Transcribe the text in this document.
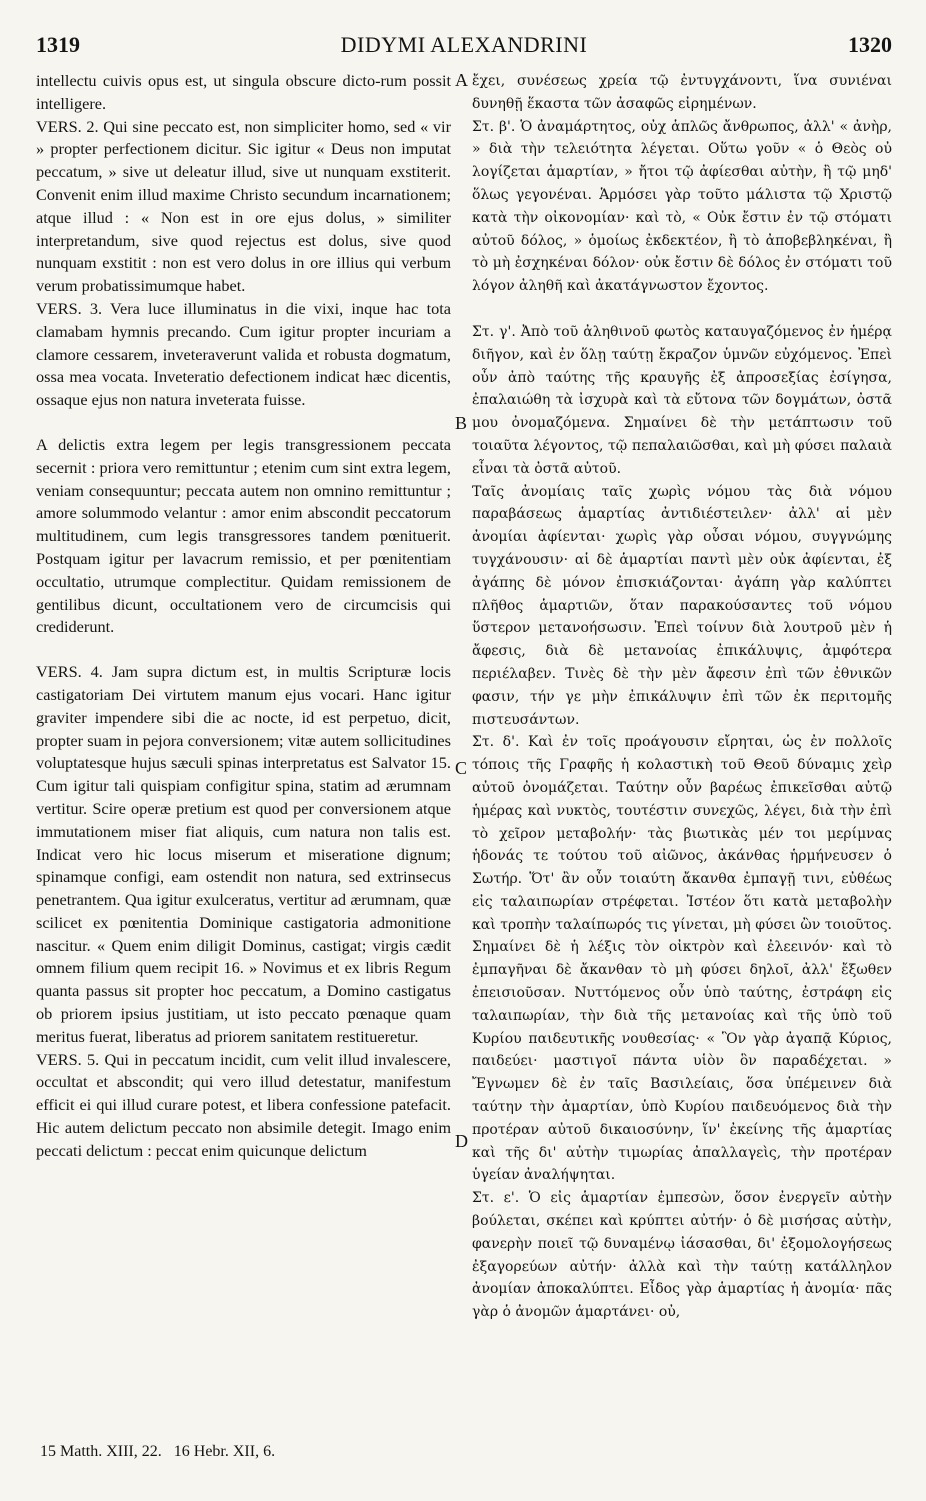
1319	DIDYMI ALEXANDRINI	1320

intellectu cuivis opus est, ut singula obscure dicto-rum possit intelligere.

VERS. 2. Qui sine peccato est, non simpliciter homo, sed « vir » propter perfectionem dicitur. Sic igitur « Deus non imputat peccatum, » sive ut deleatur illud, sive ut nunquam exstiterit. Convenit enim illud maxime Christo secundum incarnationem; atque illud : « Non est in ore ejus dolus, » similiter interpretandum, sive quod rejectus est dolus, sive quod nunquam exstitit : non est vero dolus in ore illius qui verbum verum probatissimumque habet.

VERS. 3. Vera luce illuminatus in die vixi, inque hac tota clamabam hymnis precando. Cum igitur propter incuriam a clamore cessarem, inveteraverunt valida et robusta dogmatum, ossa mea vocata. Inveteratio defectionem indicat hæc dicentis, ossaque ejus non natura inveterata fuisse.

A delictis extra legem per legis transgressionem peccata secernit : priora vero remittuntur ; etenim cum sint extra legem, veniam consequuntur; peccata autem non omnino remittuntur ; amore solummodo velantur : amor enim abscondit peccatorum multitudinem, cum legis transgressores tandem pœnituerit. Postquam igitur per lavacrum remissio, et per pœnitentiam occultatio, utrumque complectitur. Quidam remissionem de gentilibus dicunt, occultationem vero de circumcisis qui crediderunt.

VERS. 4. Jam supra dictum est, in multis Scripturæ locis castigatoriam Dei virtutem manum ejus vocari. Hanc igitur graviter impendere sibi die ac nocte, id est perpetuo, dicit, propter suam in pejora conversionem; vitæ autem sollicitudines voluptatesque hujus sæculi spinas interpretatus est Salvator 15. Cum igitur tali quispiam configitur spina, statim ad ærumnam vertitur. Scire operæ pretium est quod per conversionem atque immutationem miser fiat aliquis, cum natura non talis est. Indicat vero hic locus miserum et miseratione dignum; spinamque configi, eam ostendit non natura, sed extrinsecus penetrantem. Qua igitur exulceratus, vertitur ad ærumnam, quæ scilicet ex pœnitentia Dominique castigatoria admonitione nascitur. « Quem enim diligit Dominus, castigat; virgis cædit omnem filium quem recipit 16. » Novimus et ex libris Regum quanta passus sit propter hoc peccatum, a Domino castigatus ob priorem ipsius justitiam, ut isto peccato pœnaque quam meritus fuerat, liberatus ad priorem sanitatem restitueretur.

VERS. 5. Qui in peccatum incidit, cum velit illud invalescere, occultat et abscondit; qui vero illud detestatur, manifestum efficit ei qui illud curare potest, et libera confessione patefacit. Hic autem delictum peccato non absimile detegit. Imago enim peccati delictum : peccat enim quicunque delictum

ἔχει, συνέσεως χρεία τῷ ἐντυγχάνοντι, ἵνα συνιέναι δυνηθῇ ἕκαστα τῶν ἀσαφῶς εἰρημένων.

Στ. β'. Ὁ ἀναμάρτητος, οὐχ ἁπλῶς ἄνθρωπος, ἀλλ' « ἀνὴρ, » διὰ τὴν τελειότητα λέγεται. Οὕτω γοῦν « ὁ Θεὸς οὐ λογίζεται ἁμαρτίαν, » ἤτοι τῷ ἀφίεσθαι αὐτὴν, ἢ τῷ μηδ' ὅλως γεγονέναι. Ἁρμόσει γὰρ τοῦτο μάλιστα τῷ Χριστῷ κατὰ τὴν οἰκονομίαν· καὶ τὸ, « Οὐκ ἔστιν ἐν τῷ στόματι αὐτοῦ δόλος, » ὁμοίως ἐκδεκτέον, ἢ τὸ ἀποβεβληκέναι, ἢ τὸ μὴ ἐσχηκέναι δόλον· οὐκ ἔστιν δὲ δόλος ἐν στόματι τοῦ λόγον ἀληθῆ καὶ ἀκατάγνωστον ἔχοντος.

Στ. γ'. Ἀπὸ τοῦ ἀληθινοῦ φωτὸς καταυγαζόμενος ἐν ἡμέρᾳ διῆγον, καὶ ἐν ὅλῃ ταύτῃ ἔκραζον ὑμνῶν εὐχόμενος. Ἐπεὶ οὖν ἀπὸ ταύτης τῆς κραυγῆς ἐξ ἀπροσεξίας ἐσίγησα, ἐπαλαιώθη τὰ ἰσχυρὰ καὶ τὰ εὔτονα τῶν δογμάτων, ὀστᾶ μου ὀνομαζόμενα. Σημαίνει δὲ τὴν μετάπτωσιν τοῦ τοιαῦτα λέγοντος, τῷ πεπαλαιῶσθαι, καὶ μὴ φύσει παλαιὰ εἶναι τὰ ὀστᾶ αὐτοῦ.

Ταῖς ἀνομίαις ταῖς χωρὶς νόμου τὰς διὰ νόμου παραβάσεως ἁμαρτίας ἀντιδιέστειλεν· ἀλλ' αἱ μὲν ἀνομίαι ἀφίενται· χωρὶς γὰρ οὖσαι νόμου, συγγνώμης τυγχάνουσιν· αἱ δὲ ἁμαρτίαι παντὶ μὲν οὐκ ἀφίενται, ἐξ ἀγάπης δὲ μόνον ἐπισκιάζονται· ἀγάπη γὰρ καλύπτει πλῆθος ἁμαρτιῶν, ὅταν παρακούσαντες τοῦ νόμου ὕστερον μετανοήσωσιν. Ἐπεὶ τοίνυν διὰ λουτροῦ μὲν ἡ ἄφεσις, διὰ δὲ μετανοίας ἐπικάλυψις, ἀμφότερα περιέλαβεν. Τινὲς δὲ τὴν μὲν ἄφεσιν ἐπὶ τῶν ἐθνικῶν φασιν, τήν γε μὴν ἐπικάλυψιν ἐπὶ τῶν ἐκ περιτομῆς πιστευσάντων.

Στ. δ'. Καὶ ἐν τοῖς προάγουσιν εἴρηται, ὡς ἐν πολλοῖς τόποις τῆς Γραφῆς ἡ κολαστικὴ τοῦ Θεοῦ δύναμις χεὶρ αὐτοῦ ὀνομάζεται. Ταύτην οὖν βαρέως ἐπικεῖσθαι αὐτῷ ἡμέρας καὶ νυκτὸς, τουτέστιν συνεχῶς, λέγει, διὰ τὴν ἐπὶ τὸ χεῖρον μεταβολήν· τὰς βιωτικὰς μέν τοι μερίμνας ἡδονάς τε τούτου τοῦ αἰῶνος, ἀκάνθας ἡρμήνευσεν ὁ Σωτήρ. Ὅτ' ἂν οὖν τοιαύτη ἄκανθα ἐμπαγῇ τινι, εὐθέως εἰς ταλαιπωρίαν στρέφεται. Ἰστέον ὅτι κατὰ μεταβολὴν καὶ τροπὴν ταλαίπωρός τις γίνεται, μὴ φύσει ὢν τοιοῦτος. Σημαίνει δὲ ἡ λέξις τὸν οἰκτρὸν καὶ ἐλεεινόν· καὶ τὸ ἐμπαγῆναι δὲ ἄκανθαν τὸ μὴ φύσει δηλοῖ, ἀλλ' ἔξωθεν ἐπεισιοῦσαν. Νυττόμενος οὖν ὑπὸ ταύτης, ἐστράφη εἰς ταλαιπωρίαν, τὴν διὰ τῆς μετανοίας καὶ τῆς ὑπὸ τοῦ Κυρίου παιδευτικῆς νουθεσίας· « Ὃν γὰρ ἀγαπᾷ Κύριος, παιδεύει· μαστιγοῖ πάντα υἱὸν ὃν παραδέχεται. » Ἔγνωμεν δὲ ἐν ταῖς Βασιλείαις, ὅσα ὑπέμεινεν διὰ ταύτην τὴν ἁμαρτίαν, ὑπὸ Κυρίου παιδευόμενος διὰ τὴν προτέραν αὐτοῦ δικαιοσύνην, ἵν' ἐκείνης τῆς ἁμαρτίας καὶ τῆς δι' αὐτὴν τιμωρίας ἀπαλλαγεὶς, τὴν προτέραν ὑγείαν ἀναλήψηται.

Στ. ε'. Ὁ εἰς ἁμαρτίαν ἐμπεσὼν, ὅσον ἐνεργεῖν αὐτὴν βούλεται, σκέπει καὶ κρύπτει αὐτήν· ὁ δὲ μισήσας αὐτὴν, φανερὴν ποιεῖ τῷ δυναμένῳ ἰάσασθαι, δι' ἐξομολογήσεως ἐξαγορεύων αὐτήν· ἀλλὰ καὶ τὴν ταύτῃ κατάλληλον ἀνομίαν ἀποκαλύπτει. Εἶδος γὰρ ἁμαρτίας ἡ ἀνομία· πᾶς γὰρ ὁ ἀνομῶν ἁμαρτάνει· οὐ,

A
B
C
D
15 Matth. XIII, 22. 16 Hebr. XII, 6.
